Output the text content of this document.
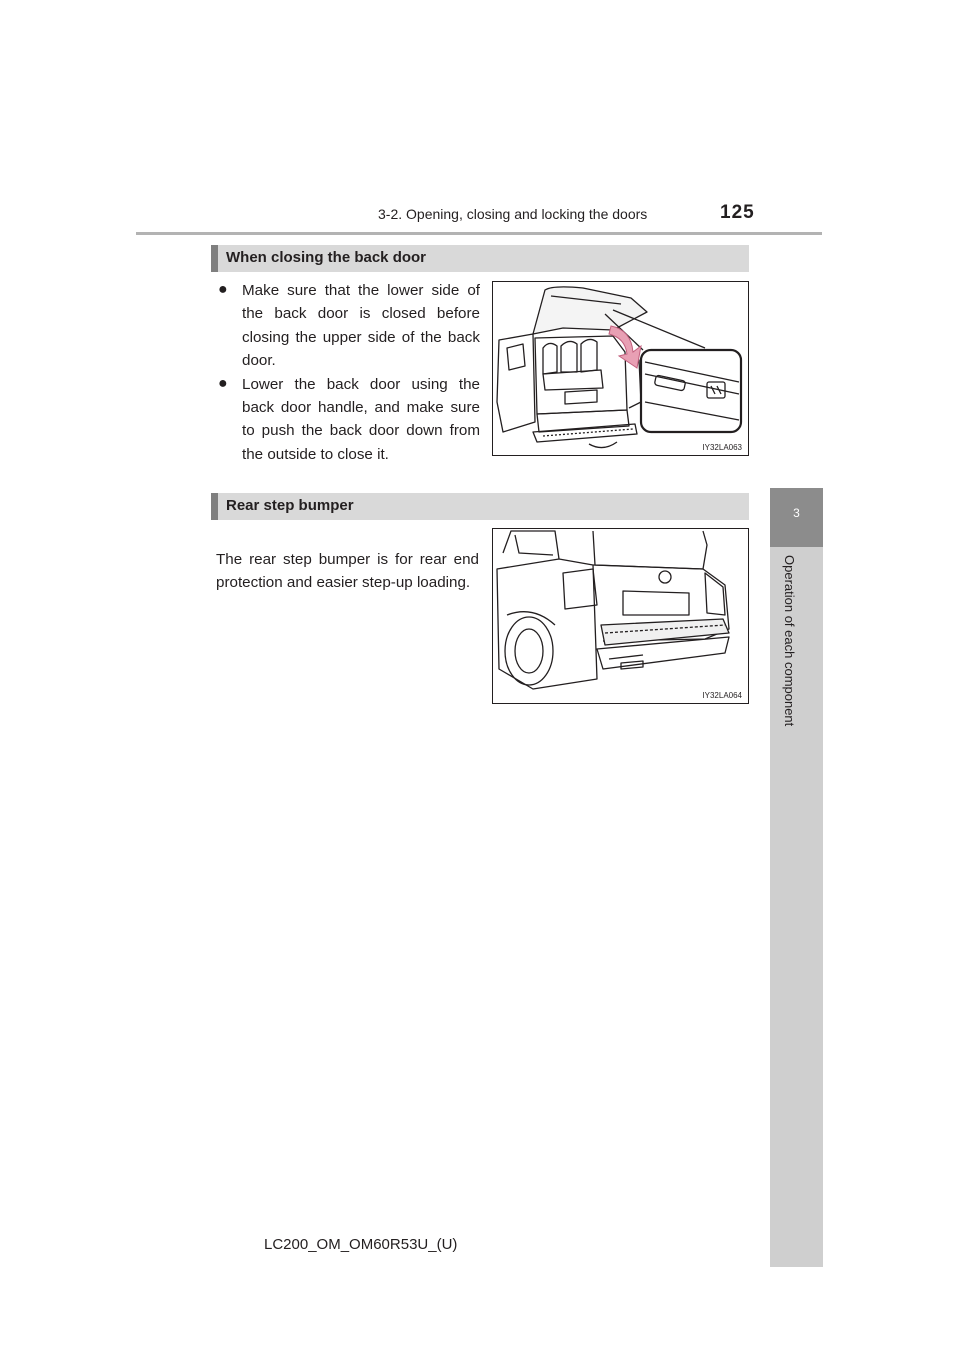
3-2. Opening, closing and locking the doors	125
3
Operation of each component
When closing the back door
● Make sure that the lower side of the back door is closed before closing the upper side of the back door.
● Lower the back door using the back door handle, and make sure to push the back door down from the outside to close it.	IY32LA063
Rear step bumper

The rear step bumper is for rear end protection and easier step-up loading.

IY32LA064
LC200_OM_OM60R53U_(U)
